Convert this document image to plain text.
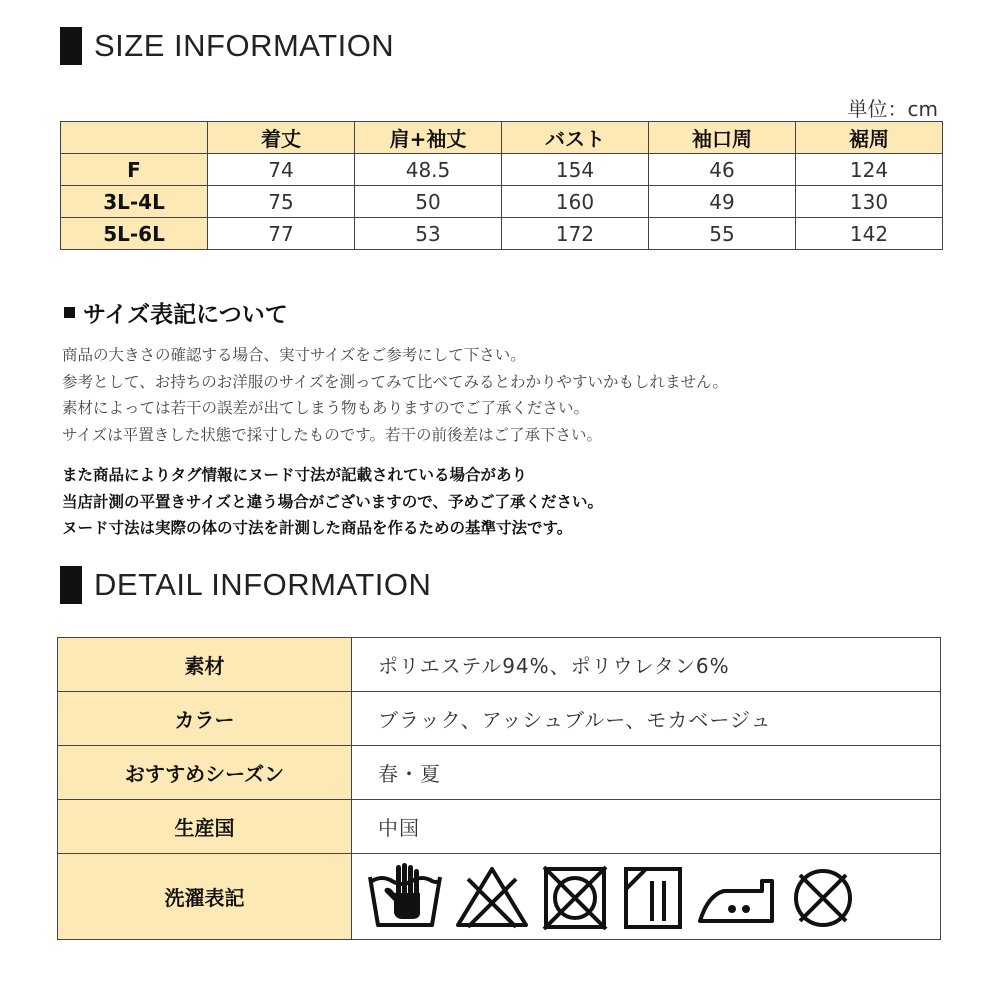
SIZE INFORMATION
単位：cm
	着丈	肩+袖丈	バスト	袖口周	裾周
F	74	48.5	154	46	124
3L-4L	75	50	160	49	130
5L-6L	77	53	172	55	142
サイズ表記について
商品の大きさの確認する場合、実寸サイズをご参考にして下さい。
参考として、お持ちのお洋服のサイズを測ってみて比べてみるとわかりやすいかもしれません。
素材によっては若干の誤差が出てしまう物もありますのでご了承ください。
サイズは平置きした状態で採寸したものです。若干の前後差はご了承下さい。
また商品によりタグ情報にヌード寸法が記載されている場合があり
当店計測の平置きサイズと違う場合がございますので、予めご了承ください。
ヌード寸法は実際の体の寸法を計測した商品を作るための基準寸法です。
DETAIL INFORMATION
素材	ポリエステル94%、ポリウレタン6%
カラー	ブラック、アッシュブルー、モカベージュ
おすすめシーズン	春・夏
生産国	中国
洗濯表記	
